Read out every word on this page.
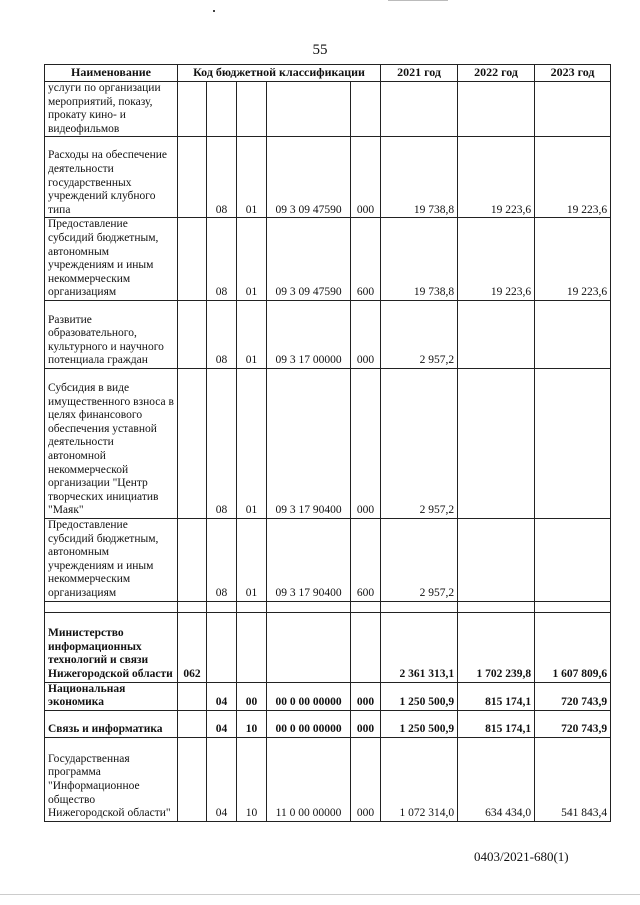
55
Наименование	Код бюджетной классификации					2021 год	2022 год	2023 год
услуги по организации мероприятий, показу, прокату кино- и видеофильмов								
Расходы на обеспечение деятельности государственных учреждений клубного типа		08	01	09 3 09 47590	000	19 738,8	19 223,6	19 223,6
Предоставление субсидий бюджетным, автономным учреждениям и иным некоммерческим организациям		08	01	09 3 09 47590	600	19 738,8	19 223,6	19 223,6
Развитие образовательного, культурного и научного потенциала граждан		08	01	09 3 17 00000	000	2 957,2		
Субсидия в виде имущественного взноса в целях финансового обеспечения уставной деятельности автономной некоммерческой организации "Центр творческих инициатив "Маяк"		08	01	09 3 17 90400	000	2 957,2		
Предоставление субсидий бюджетным, автономным учреждениям и иным некоммерческим организациям		08	01	09 3 17 90400	600	2 957,2		

Министерство информационных технологий и связи Нижегородской области	062					2 361 313,1	1 702 239,8	1 607 809,6
Национальная экономика		04	00	00 0 00 00000	000	1 250 500,9	815 174,1	720 743,9
Связь и информатика		04	10	00 0 00 00000	000	1 250 500,9	815 174,1	720 743,9
Государственная программа "Информационное общество Нижегородской области"		04	10	11 0 00 00000	000	1 072 314,0	634 434,0	541 843,4
0403/2021-680(1)
